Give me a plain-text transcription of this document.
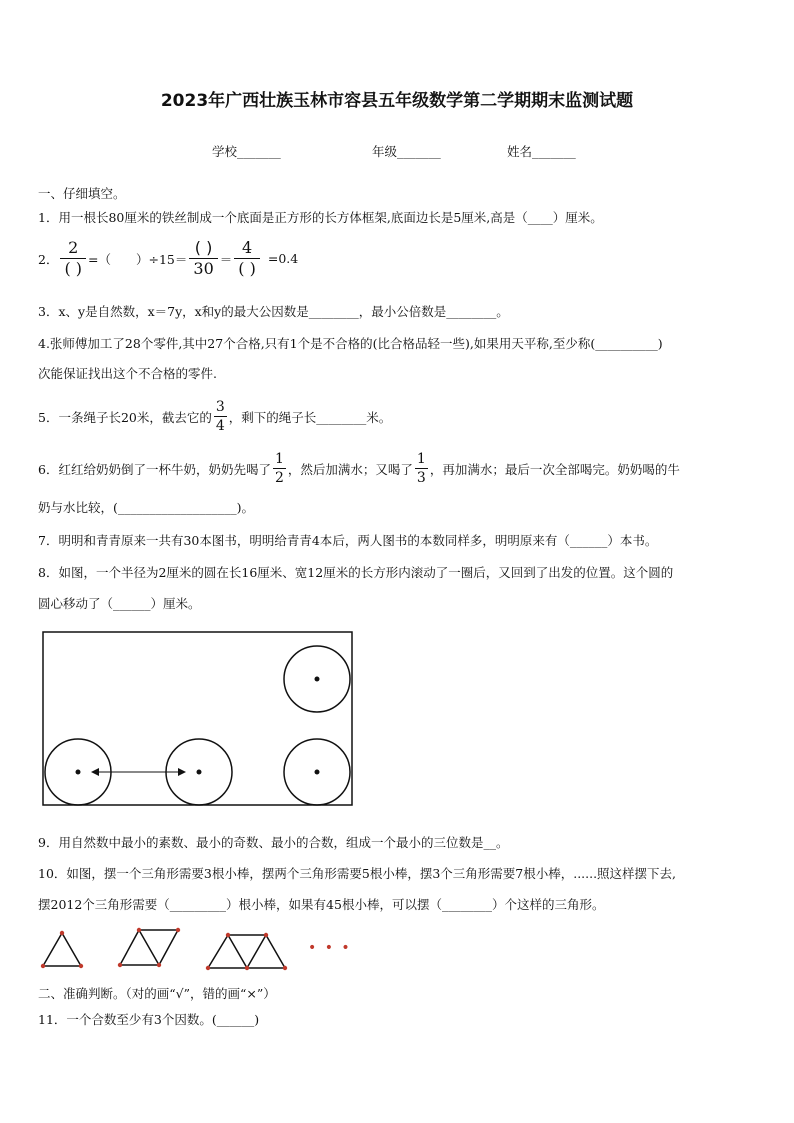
2023年广西壮族玉林市容县五年级数学第二学期期末监测试题
学校_______	年级_______	姓名_______
一、仔细填空。
1．用一根长80厘米的铁丝制成一个底面是正方形的长方体框架,底面边长是5厘米,高是（____）厘米。
2． $\frac{2}{( )}$ =（　　）$\div 15= \frac{( )}{30} = \frac{4}{( )} =0.4$
3．x、y是自然数，x＝7y，x和y的最大公因数是________，最小公倍数是________。
4.张师傅加工了28个零件,其中27个合格,只有1个是不合格的(比合格品轻一些),如果用天平称,至少称(__________)
次能保证找出这个不合格的零件.
5．一条绳子长20米，截去它的 $\frac{3}{4}$ ，剩下的绳子长________米。
6．红红给奶奶倒了一杯牛奶，奶奶先喝了 $\frac{1}{2}$ ，然后加满水；又喝了 $\frac{1}{3}$ ，再加满水；最后一次全部喝完。奶奶喝的牛
奶与水比较，(___________________)。
7．明明和青青原来一共有30本图书，明明给青青4本后，两人图书的本数同样多，明明原来有（______）本书。
8．如图，一个半径为2厘米的圆在长16厘米、宽12厘米的长方形内滚动了一圈后，又回到了出发的位置。这个圆的
圆心移动了（______）厘米。
9．用自然数中最小的素数、最小的奇数、最小的合数，组成一个最小的三位数是__。
10．如图，摆一个三角形需要3根小棒，摆两个三角形需要5根小棒，摆3个三角形需要7根小棒，......照这样摆下去,
摆2012个三角形需要（_________）根小棒，如果有45根小棒，可以摆（________）个这样的三角形。
• • •
二、准确判断。（对的画“√”，错的画“×”）
11．一个合数至少有3个因数。(______)
